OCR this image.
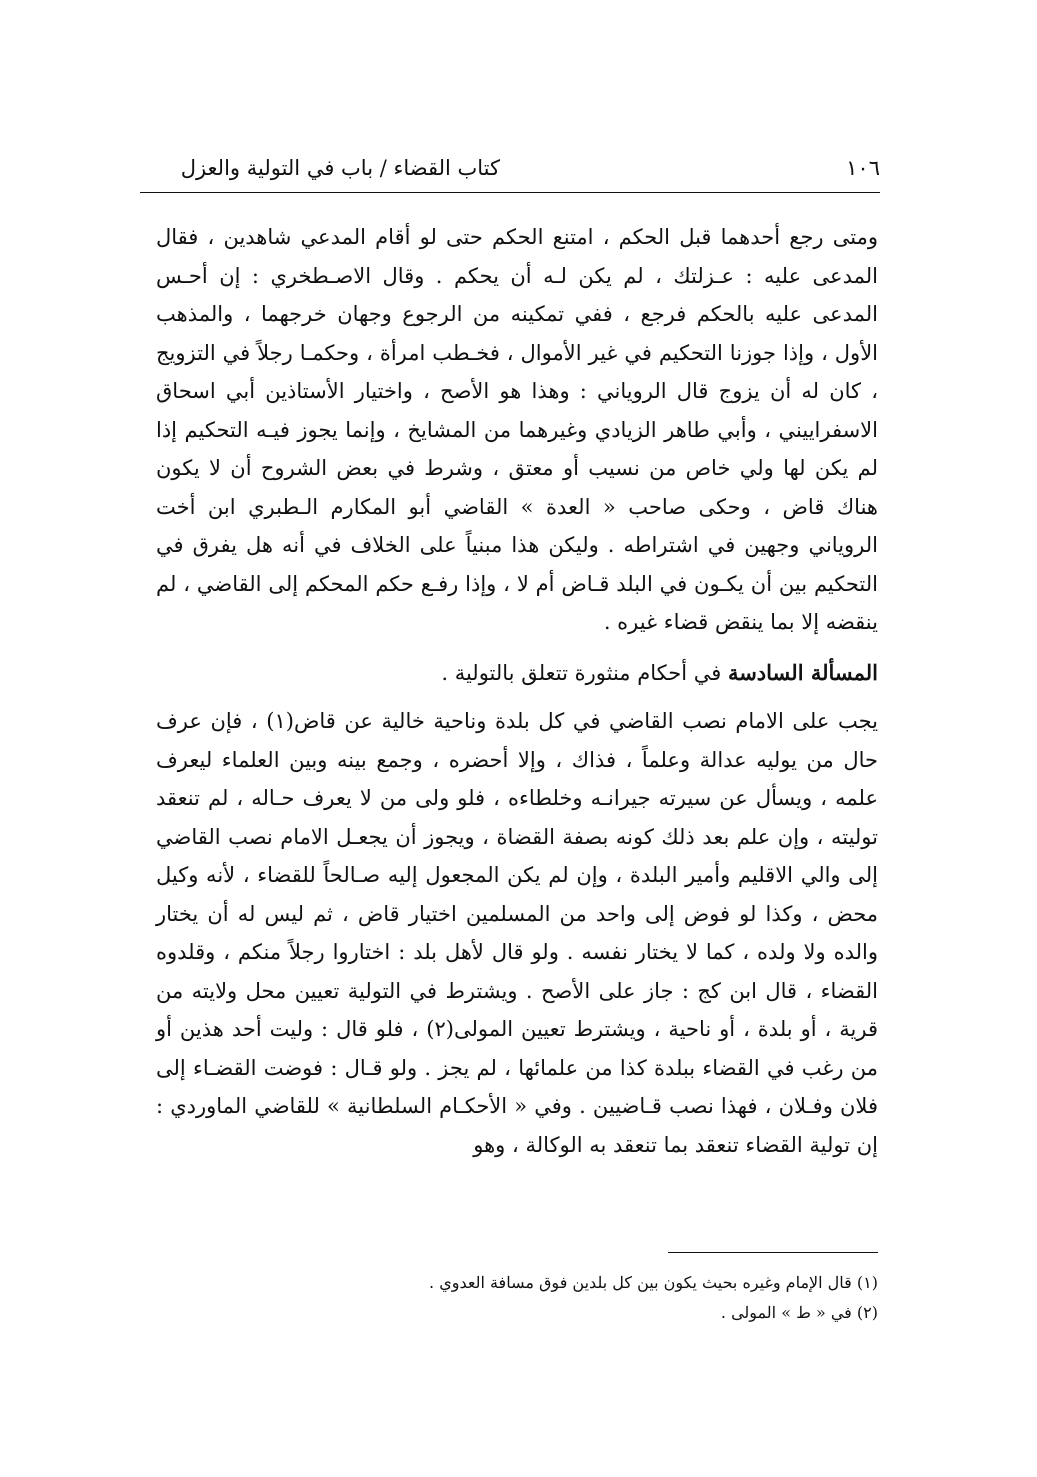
كتاب القضاء / باب في التولية والعزل	١٠٦

ومتى رجع أحدهما قبل الحكم ، امتنع الحكم حتى لو أقام المدعي شاهدين ، فقال المدعى عليه : عـزلتك ، لم يكن لـه أن يحكم . وقال الاصـطخري : إن أحـس المدعى عليه بالحكم فرجع ، ففي تمكينه من الرجوع وجهان خرجهما ، والمذهب الأول ، وإذا جوزنا التحكيم في غير الأموال ، فخـطب امرأة ، وحكمـا رجلاً في التزويج ، كان له أن يزوج قال الروياني : وهذا هو الأصح ، واختيار الأستاذين أبي اسحاق الاسفراييني ، وأبي طاهر الزيادي وغيرهما من المشايخ ، وإنما يجوز فيـه التحكيم إذا لم يكن لها ولي خاص من نسيب أو معتق ، وشرط في بعض الشروح أن لا يكون هناك قاض ، وحكى صاحب « العدة » القاضي أبو المكارم الـطبري ابن أخت الروياني وجهين في اشتراطه . وليكن هذا مبنياً على الخلاف في أنه هل يفرق في التحكيم بين أن يكـون في البلد قـاض أم لا ، وإذا رفـع حكم المحكم إلى القاضي ، لم ينقضه إلا بما ينقض قضاء غيره .

المسألة السادسة في أحكام منثورة تتعلق بالتولية .

يجب على الامام نصب القاضي في كل بلدة وناحية خالية عن قاض(١) ، فإن عرف حال من يوليه عدالة وعلماً ، فذاك ، وإلا أحضره ، وجمع بينه وبين العلماء ليعرف علمه ، ويسأل عن سيرته جيرانـه وخلطاءه ، فلو ولى من لا يعرف حـاله ، لم تنعقد توليته ، وإن علم بعد ذلك كونه بصفة القضاة ، ويجوز أن يجعـل الامام نصب القاضي إلى والي الاقليم وأمير البلدة ، وإن لم يكن المجعول إليه صـالحاً للقضاء ، لأنه وكيل محض ، وكذا لو فوض إلى واحد من المسلمين اختيار قاض ، ثم ليس له أن يختار والده ولا ولده ، كما لا يختار نفسه . ولو قال لأهل بلد : اختاروا رجلاً منكم ، وقلدوه القضاء ، قال ابن كج : جاز على الأصح . ويشترط في التولية تعيين محل ولايته من قرية ، أو بلدة ، أو ناحية ، ويشترط تعيين المولى(٢) ، فلو قال : وليت أحد هذين أو من رغب في القضاء ببلدة كذا من علمائها ، لم يجز . ولو قـال : فوضت القضـاء إلى فلان وفـلان ، فهذا نصب قـاضيين . وفي « الأحكـام السلطانية » للقاضي الماوردي : إن تولية القضاء تنعقد بما تنعقد به الوكالة ، وهو

(١) قال الإمام وغيره بحيث يكون بين كل بلدين فوق مسافة العدوي .

(٢) في « ط » المولى .
